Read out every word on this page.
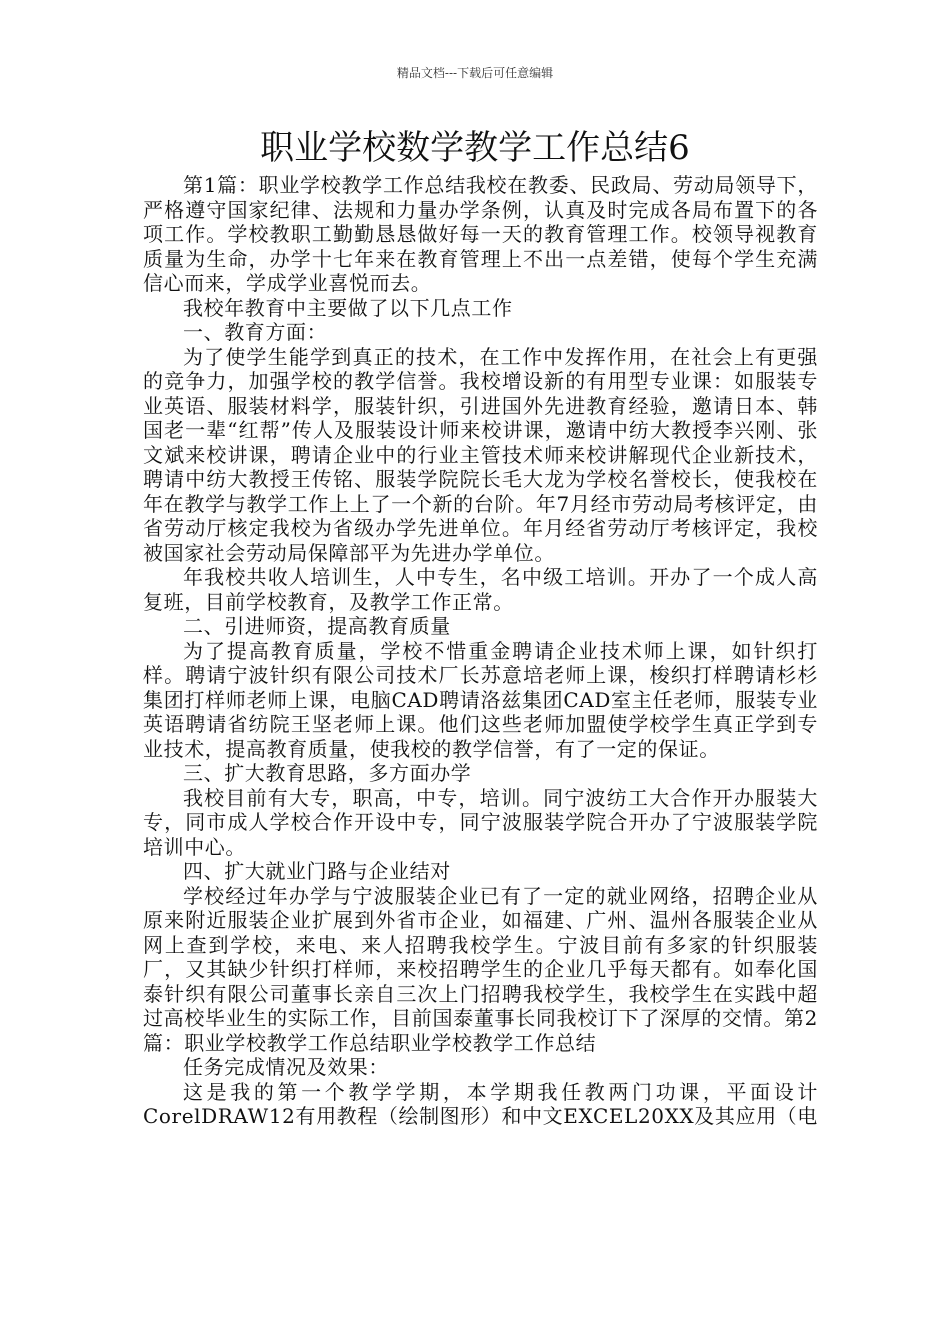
精品文档---下载后可任意编辑
职业学校数学教学工作总结6

第1篇：职业学校教学工作总结我校在教委、民政局、劳动局领导下，严格遵守国家纪律、法规和力量办学条例，认真及时完成各局布置下的各项工作。学校教职工勤勤恳恳做好每一天的教育管理工作。校领导视教育质量为生命，办学十七年来在教育管理上不出一点差错，使每个学生充满信心而来，学成学业喜悦而去。

我校年教育中主要做了以下几点工作

一、教育方面：

为了使学生能学到真正的技术，在工作中发挥作用，在社会上有更强的竞争力，加强学校的教学信誉。我校增设新的有用型专业课：如服装专业英语、服装材料学，服装针织，引进国外先进教育经验，邀请日本、韩国老一辈“红帮”传人及服装设计师来校讲课，邀请中纺大教授李兴刚、张文斌来校讲课，聘请企业中的行业主管技术师来校讲解现代企业新技术，聘请中纺大教授王传铭、服装学院院长毛大龙为学校名誉校长，使我校在年在教学与教学工作上上了一个新的台阶。年7月经市劳动局考核评定，由省劳动厅核定我校为省级办学先进单位。年月经省劳动厅考核评定，我校被国家社会劳动局保障部平为先进办学单位。

年我校共收人培训生，人中专生，名中级工培训。开办了一个成人高复班，目前学校教育，及教学工作正常。

二、引进师资，提高教育质量

为了提高教育质量，学校不惜重金聘请企业技术师上课，如针织打样。聘请宁波针织有限公司技术厂长苏意培老师上课，梭织打样聘请杉杉集团打样师老师上课，电脑CAD聘请洛兹集团CAD室主任老师，服装专业英语聘请省纺院王坚老师上课。他们这些老师加盟使学校学生真正学到专业技术，提高教育质量，使我校的教学信誉，有了一定的保证。

三、扩大教育思路，多方面办学

我校目前有大专，职高，中专，培训。同宁波纺工大合作开办服装大专，同市成人学校合作开设中专，同宁波服装学院合开办了宁波服装学院培训中心。

四、扩大就业门路与企业结对

学校经过年办学与宁波服装企业已有了一定的就业网络，招聘企业从原来附近服装企业扩展到外省市企业，如福建、广州、温州各服装企业从网上查到学校，来电、来人招聘我校学生。宁波目前有多家的针织服装厂，又其缺少针织打样师，来校招聘学生的企业几乎每天都有。如奉化国泰针织有限公司董事长亲自三次上门招聘我校学生，我校学生在实践中超过高校毕业生的实际工作，目前国泰董事长同我校订下了深厚的交情。第2篇：职业学校教学工作总结职业学校教学工作总结

任务完成情况及效果：

这是我的第一个教学学期，本学期我任教两门功课，平面设计CorelDRAW12有用教程（绘制图形）和中文EXCEL20XX及其应用（电
